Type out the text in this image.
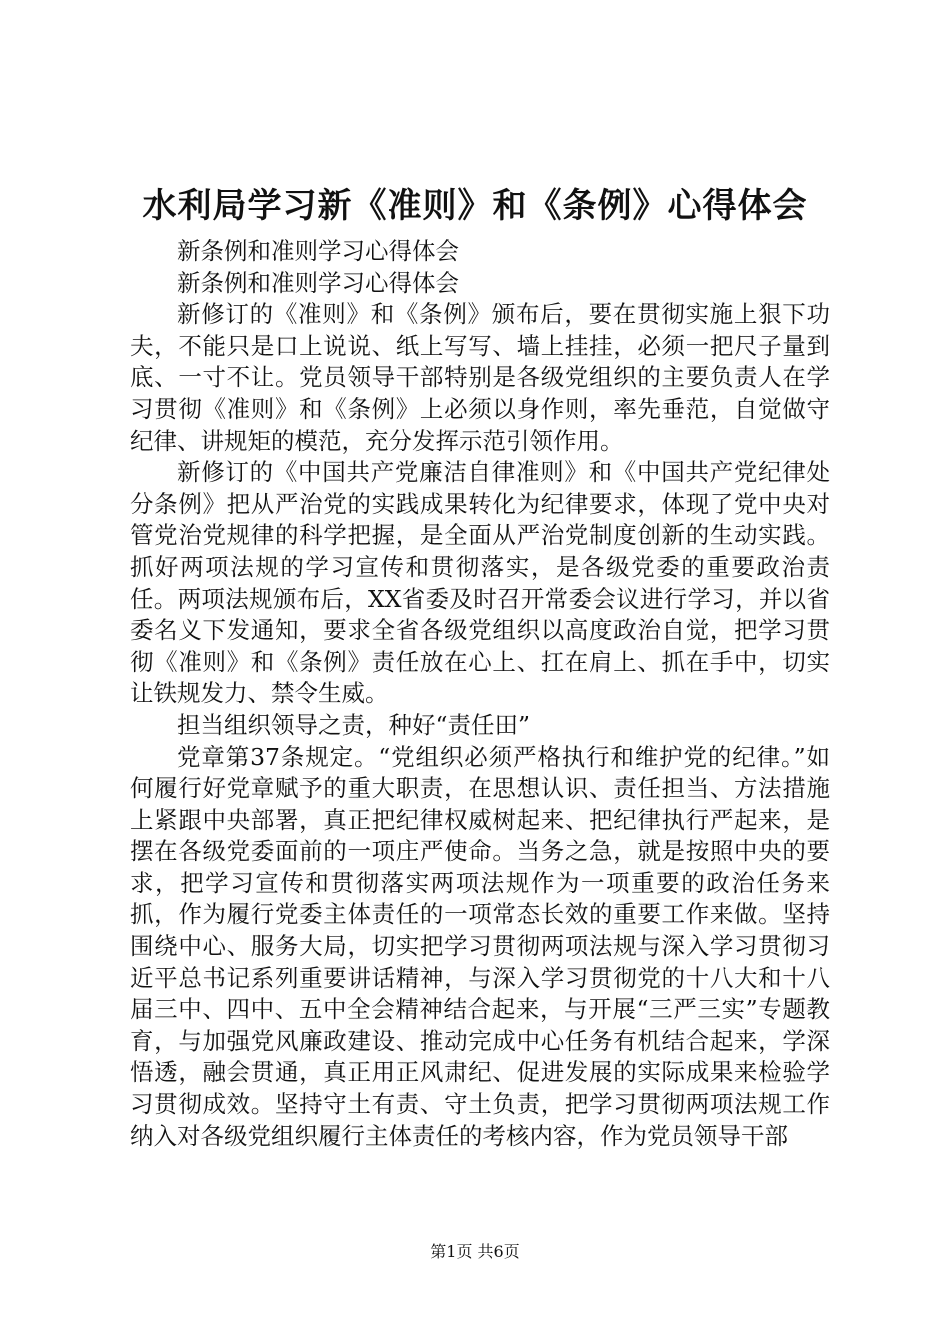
水利局学习新《准则》和《条例》心得体会

新条例和准则学习心得体会

新条例和准则学习心得体会

新修订的《准则》和《条例》颁布后，要在贯彻实施上狠下功夫，不能只是口上说说、纸上写写、墙上挂挂，必须一把尺子量到底、一寸不让。党员领导干部特别是各级党组织的主要负责人在学习贯彻《准则》和《条例》上必须以身作则，率先垂范，自觉做守纪律、讲规矩的模范，充分发挥示范引领作用。

新修订的《中国共产党廉洁自律准则》和《中国共产党纪律处分条例》把从严治党的实践成果转化为纪律要求，体现了党中央对管党治党规律的科学把握，是全面从严治党制度创新的生动实践。抓好两项法规的学习宣传和贯彻落实，是各级党委的重要政治责任。两项法规颁布后，XX省委及时召开常委会议进行学习，并以省委名义下发通知，要求全省各级党组织以高度政治自觉，把学习贯彻《准则》和《条例》责任放在心上、扛在肩上、抓在手中，切实让铁规发力、禁令生威。

担当组织领导之责，种好“责任田”

党章第37条规定。“党组织必须严格执行和维护党的纪律。”如何履行好党章赋予的重大职责，在思想认识、责任担当、方法措施上紧跟中央部署，真正把纪律权威树起来、把纪律执行严起来，是摆在各级党委面前的一项庄严使命。当务之急，就是按照中央的要求，把学习宣传和贯彻落实两项法规作为一项重要的政治任务来抓，作为履行党委主体责任的一项常态长效的重要工作来做。坚持围绕中心、服务大局，切实把学习贯彻两项法规与深入学习贯彻习近平总书记系列重要讲话精神，与深入学习贯彻党的十八大和十八届三中、四中、五中全会精神结合起来，与开展“三严三实”专题教育，与加强党风廉政建设、推动完成中心任务有机结合起来，学深悟透，融会贯通，真正用正风肃纪、促进发展的实际成果来检验学习贯彻成效。坚持守土有责、守土负责，把学习贯彻两项法规工作纳入对各级党组织履行主体责任的考核内容，作为党员领导干部

第1页 共6页
